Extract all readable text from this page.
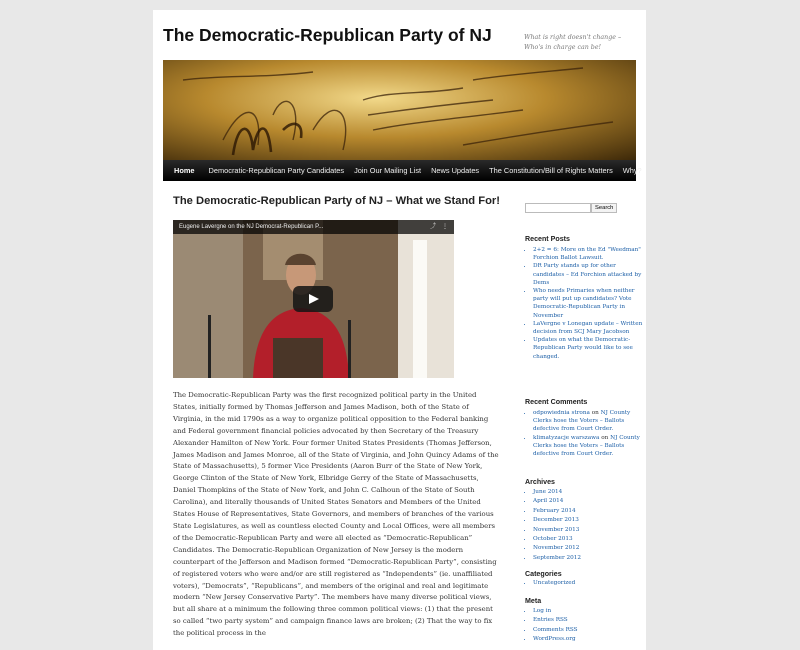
The Democratic-Republican Party of NJ	What is right doesn't change – Who's in charge can be!
Home	Democratic-Republican Party Candidates	Join Our Mailing List	News Updates	The Constitution/Bill of Rights Matters	Why?
The Democratic-Republican Party of NJ – What we Stand For!
Eugene Lavergne on the NJ Democrat-Republican P...	⤴ ⋮

The Democratic-Republican Party was the first recognized political party in the United States, initially formed by Thomas Jefferson and James Madison, both of the State of Virginia, in the mid 1790s as a way to organize political opposition to the Federal banking and Federal government financial policies advocated by then Secretary of the Treasury Alexander Hamilton of New York. Four former United States Presidents (Thomas Jefferson, James Madison and James Monroe, all of the State of Virginia, and John Quincy Adams of the State of Massachusetts), 5 former Vice Presidents (Aaron Burr of the State of New York, George Clinton of the State of New York, Elbridge Gerry of the State of Massachusetts, Daniel Thompkins of the State of New York, and John C. Calhoun of the State of South Carolina), and literally thousands of United States Senators and Members of the United States House of Representatives, State Governors, and members of branches of the various State Legislatures, as well as countless elected County and Local Offices, were all members of the Democratic-Republican Party and were all elected as “Democratic-Republican” Candidates. The Democratic-Republican Organization of New Jersey is the modern counterpart of the Jefferson and Madison formed “Democratic-Republican Party”, consisting of registered voters who were and/or are still registered as “Independents” (ie. unaffiliated voters), “Democrats”, “Republicans”, and members of the original and real and legitimate modern “New Jersey Conservative Party”. The members have many diverse political views, but all share at a minimum the following three common political views: (1) that the present so called “two party system” and campaign finance laws are broken; (2) That the way to fix the political process in the

Search
Recent Posts
• 2+2 = 6: More on the Ed "Weedman" Forchion Ballot Lawsuit.
• DR Party stands up for other candidates – Ed Forchion attacked by Dems
• Who needs Primaries when neither party will put up candidates? Vote Democratic-Republican Party in November
• LaVergne v Lonegan update – Written decision from SCJ Mary Jacobson
• Updates on what the Democratic-Republican Party would like to see changed.
Recent Comments
• odpowiednia strona on NJ County Clerks hose the Voters – Ballots defective from Court Order.
• klimatyzacje warszawa on NJ County Clerks hose the Voters – Ballots defective from Court Order.
Archives
• June 2014
• April 2014
• February 2014
• December 2013
• November 2013
• October 2013
• November 2012
• September 2012
Categories
• Uncategorized
Meta
• Log in
• Entries RSS
• Comments RSS
• WordPress.org
